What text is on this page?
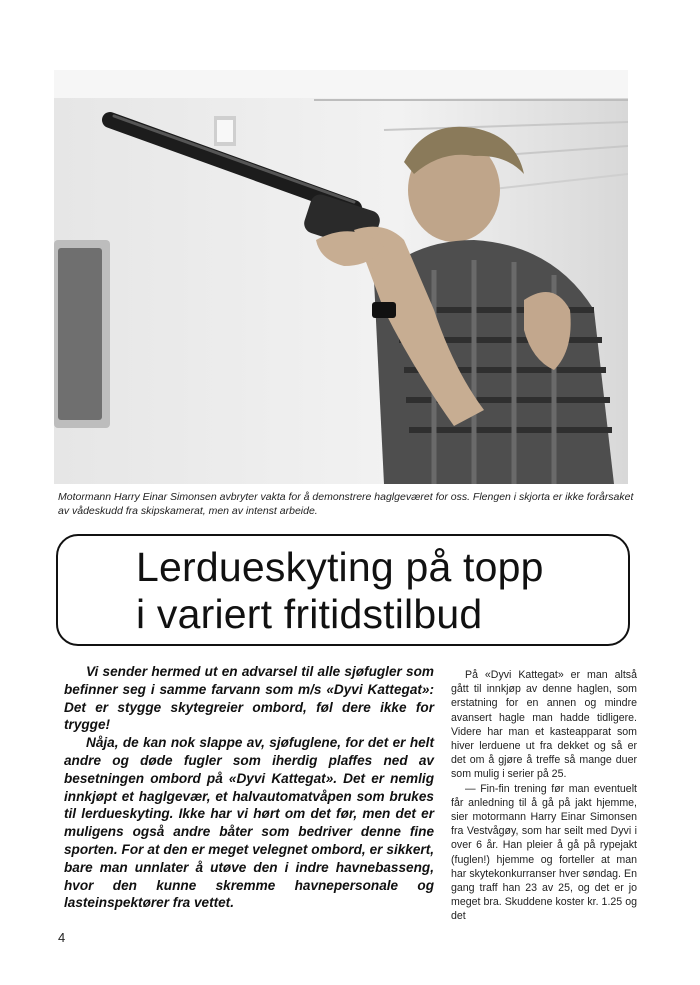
Motormann Harry Einar Simonsen avbryter vakta for å demonstrere haglgeværet for oss. Flengen i skjorta er ikke forårsaket av vådeskudd fra skipskamerat, men av intenst arbeide.
Lerdueskyting på topp
i variert fritidstilbud

Vi sender hermed ut en advarsel til alle sjøfugler som befinner seg i samme farvann som m/s «Dyvi Kattegat»: Det er stygge skytegreier ombord, føl dere ikke for trygge!

Nåja, de kan nok slappe av, sjøfuglene, for det er helt andre og døde fugler som iherdig plaffes ned av besetningen ombord på «Dyvi Kattegat». Det er nemlig innkjøpt et haglgevær, et halvautomatvåpen som brukes til lerdueskyting. Ikke har vi hørt om det før, men det er muligens også andre båter som bedriver denne fine sporten. For at den er meget velegnet ombord, er sikkert, bare man unnlater å utøve den i indre havnebasseng, hvor den kunne skremme havnepersonale og lasteinspektører fra vettet.

På «Dyvi Kattegat» er man altså gått til innkjøp av denne haglen, som erstatning for en annen og mindre avansert hagle man hadde tidligere. Videre har man et kasteapparat som hiver lerduene ut fra dekket og så er det om å gjøre å treffe så mange duer som mulig i serier på 25.

— Fin-fin trening før man eventuelt får anledning til å gå på jakt hjemme, sier motormann Harry Einar Simonsen fra Vestvågøy, som har seilt med Dyvi i over 6 år. Han pleier å gå på rypejakt (fuglen!) hjemme og forteller at man har skytekonkurranser hver søndag. En gang traff han 23 av 25, og det er jo meget bra. Skuddene koster kr. 1.25 og det

4
